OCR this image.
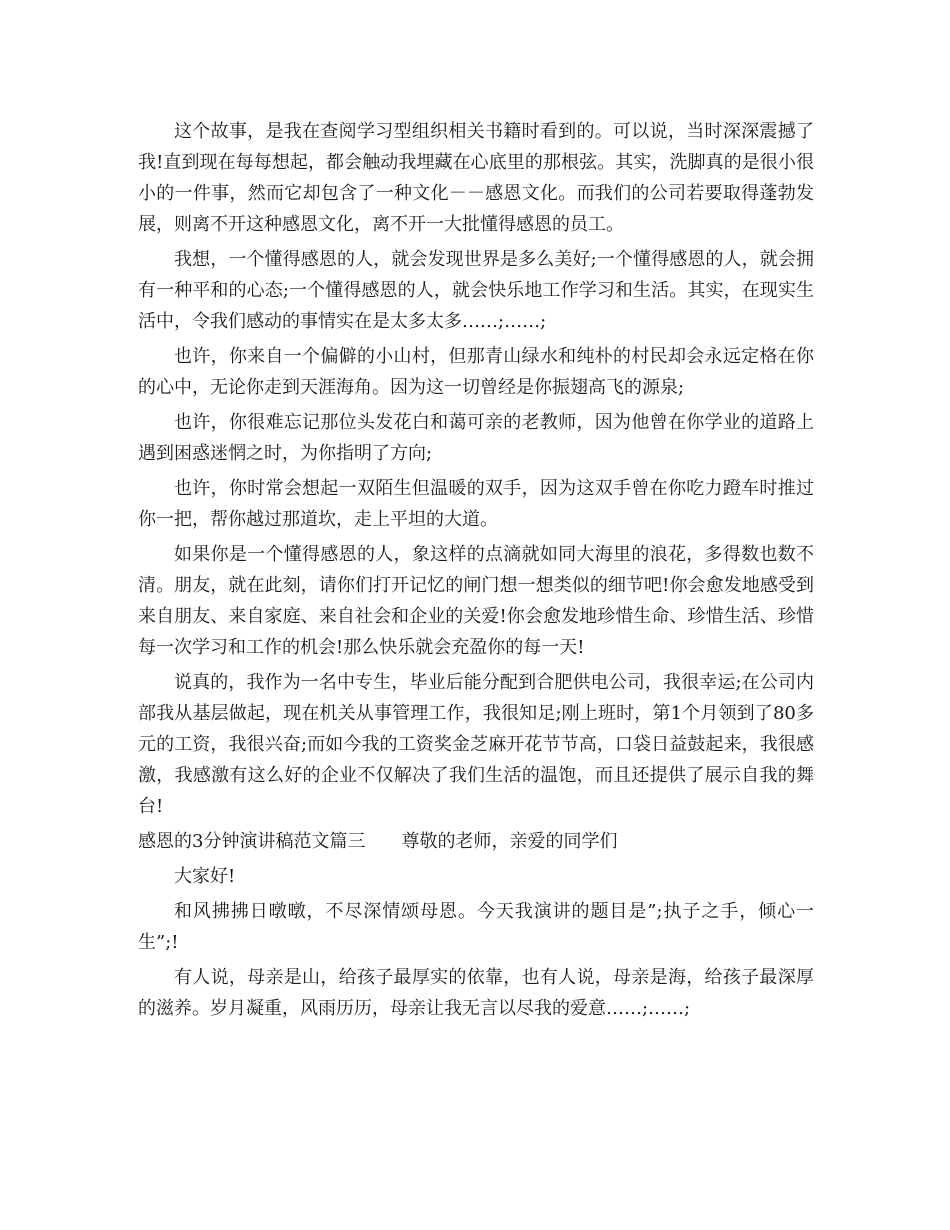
这个故事，是我在查阅学习型组织相关书籍时看到的。可以说，当时深深震撼了我!直到现在每每想起，都会触动我埋藏在心底里的那根弦。其实，洗脚真的是很小很小的一件事，然而它却包含了一种文化－－感恩文化。而我们的公司若要取得蓬勃发展，则离不开这种感恩文化，离不开一大批懂得感恩的员工。

我想，一个懂得感恩的人，就会发现世界是多么美好;一个懂得感恩的人，就会拥有一种平和的心态;一个懂得感恩的人，就会快乐地工作学习和生活。其实，在现实生活中，令我们感动的事情实在是太多太多……;……;

也许，你来自一个偏僻的小山村，但那青山绿水和纯朴的村民却会永远定格在你的心中，无论你走到天涯海角。因为这一切曾经是你振翅高飞的源泉;

也许，你很难忘记那位头发花白和蔼可亲的老教师，因为他曾在你学业的道路上遇到困惑迷惘之时，为你指明了方向;

也许，你时常会想起一双陌生但温暖的双手，因为这双手曾在你吃力蹬车时推过你一把，帮你越过那道坎，走上平坦的大道。

如果你是一个懂得感恩的人，象这样的点滴就如同大海里的浪花，多得数也数不清。朋友，就在此刻，请你们打开记忆的闸门想一想类似的细节吧!你会愈发地感受到来自朋友、来自家庭、来自社会和企业的关爱!你会愈发地珍惜生命、珍惜生活、珍惜每一次学习和工作的机会!那么快乐就会充盈你的每一天!

说真的，我作为一名中专生，毕业后能分配到合肥供电公司，我很幸运;在公司内部我从基层做起，现在机关从事管理工作，我很知足;刚上班时，第1个月领到了80多元的工资，我很兴奋;而如今我的工资奖金芝麻开花节节高，口袋日益鼓起来，我很感激，我感激有这么好的企业不仅解决了我们生活的温饱，而且还提供了展示自我的舞台!

感恩的3分钟演讲稿范文篇三 尊敬的老师，亲爱的同学们

大家好!

和风拂拂日暾暾，不尽深情颂母恩。今天我演讲的题目是”;执子之手，倾心一生”;!

有人说，母亲是山，给孩子最厚实的依靠，也有人说，母亲是海，给孩子最深厚的滋养。岁月凝重，风雨历历，母亲让我无言以尽我的爱意……;……;
